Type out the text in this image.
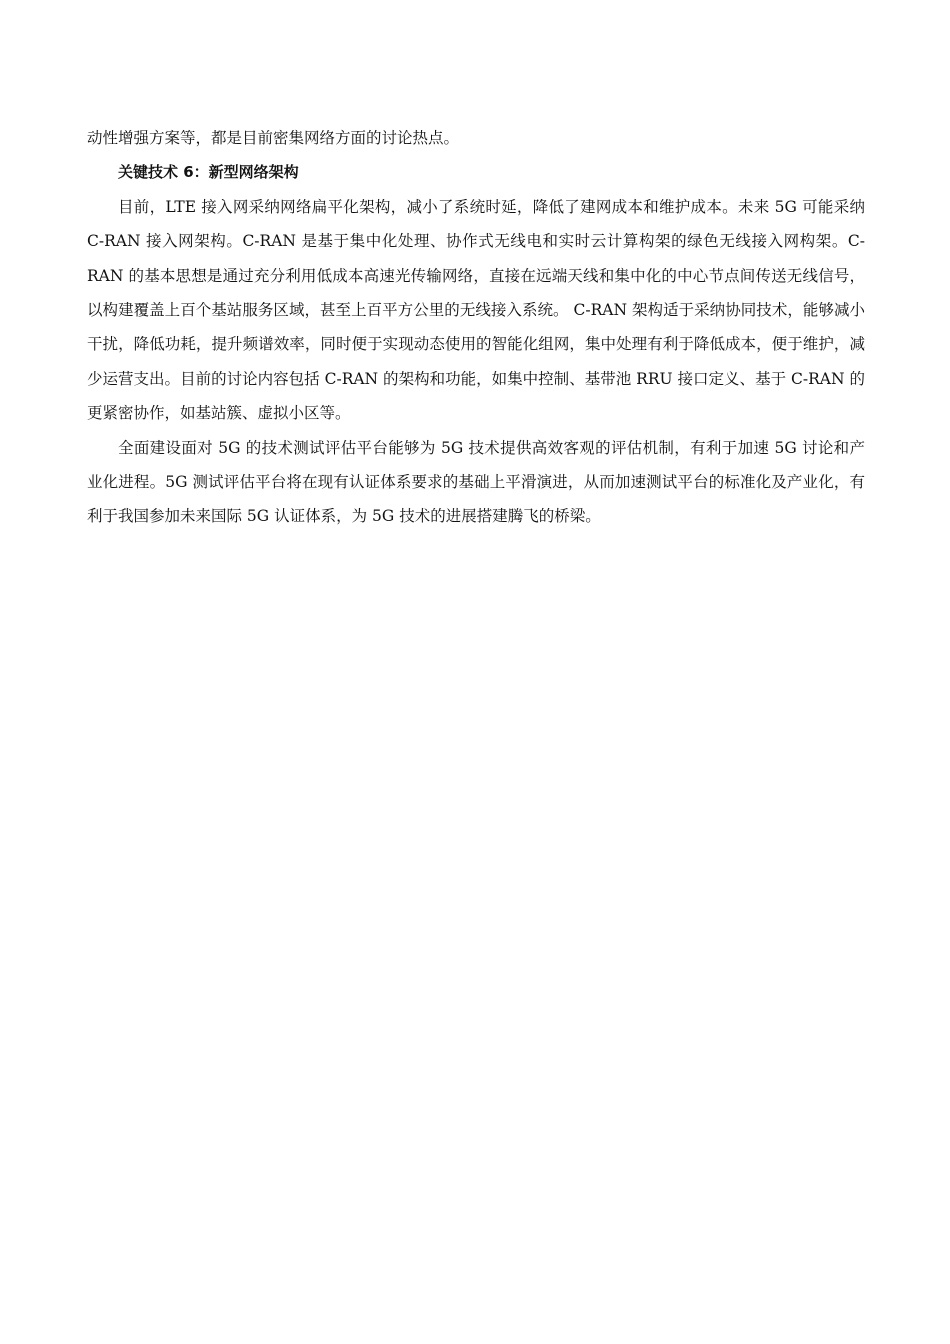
动性增强方案等，都是目前密集网络方面的讨论热点。

关键技术 6：新型网络架构

目前，LTE 接入网采纳网络扁平化架构，减小了系统时延，降低了建网成本和维护成本。未来 5G 可能采纳 C-RAN 接入网架构。C-RAN 是基于集中化处理、协作式无线电和实时云计算构架的绿色无线接入网构架。C-RAN 的基本思想是通过充分利用低成本高速光传输网络，直接在远端天线和集中化的中心节点间传送无线信号，以构建覆盖上百个基站服务区域，甚至上百平方公里的无线接入系统。 C-RAN 架构适于采纳协同技术，能够减小干扰，降低功耗，提升频谱效率，同时便于实现动态使用的智能化组网，集中处理有利于降低成本，便于维护，减少运营支出。目前的讨论内容包括 C-RAN 的架构和功能，如集中控制、基带池 RRU 接口定义、基于 C-RAN 的更紧密协作，如基站簇、虚拟小区等。

全面建设面对 5G 的技术测试评估平台能够为 5G 技术提供高效客观的评估机制，有利于加速 5G 讨论和产业化进程。5G 测试评估平台将在现有认证体系要求的基础上平滑演进，从而加速测试平台的标准化及产业化，有利于我国参加未来国际 5G 认证体系，为 5G 技术的进展搭建腾飞的桥梁。
